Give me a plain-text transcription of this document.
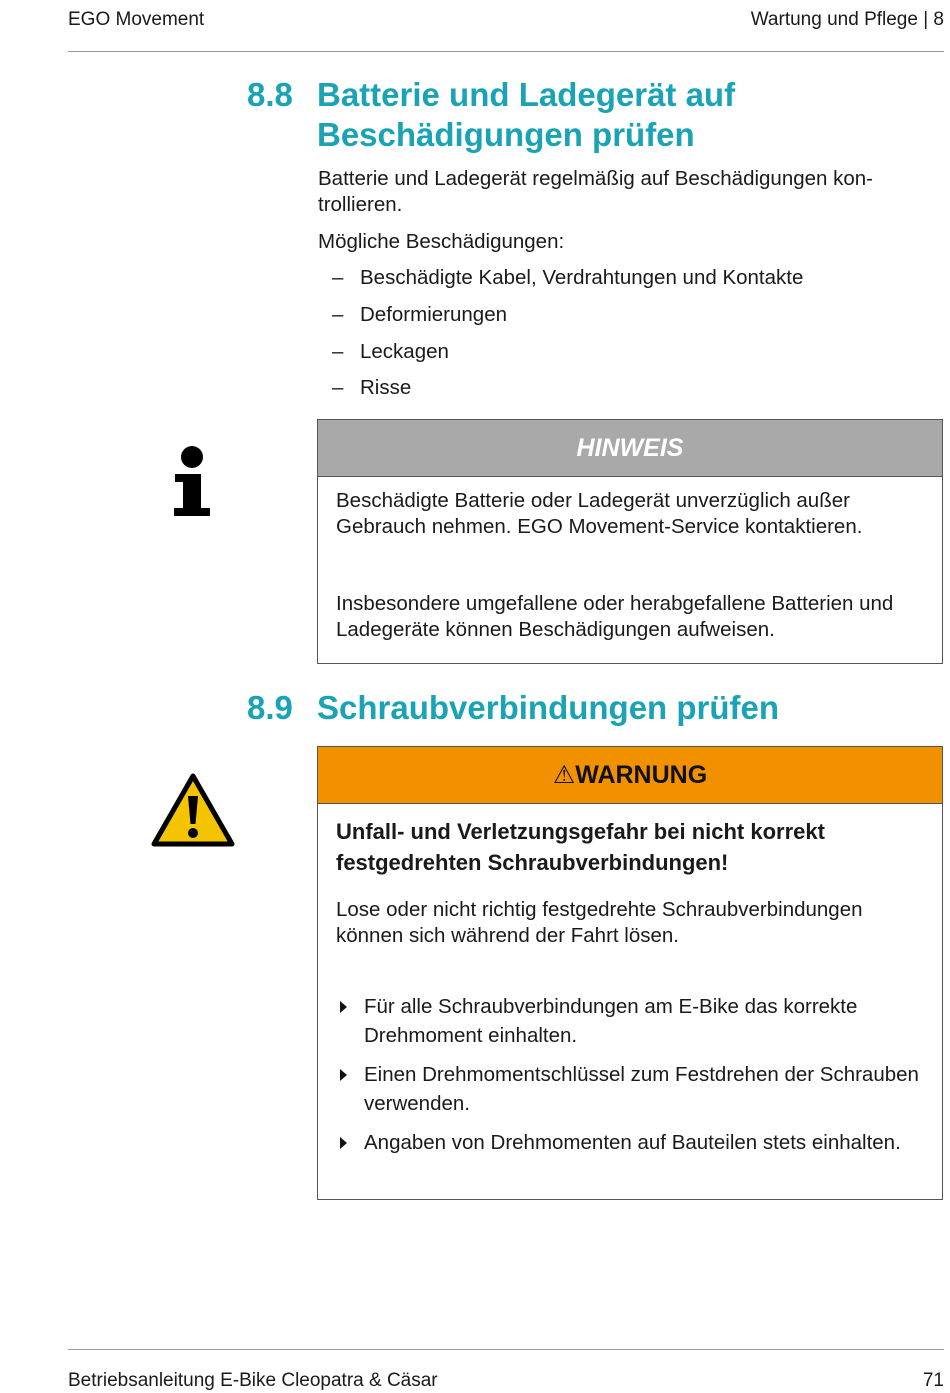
EGO Movement	Wartung und Pflege | 8
8.8 Batterie und Ladegerät auf Beschädigungen prüfen
Batterie und Ladegerät regelmäßig auf Beschädigungen kon-trollieren.
Mögliche Beschädigungen:
– Beschädigte Kabel, Verdrahtungen und Kontakte
– Deformierungen
– Leckagen
– Risse
HINWEIS
Beschädigte Batterie oder Ladegerät unverzüglich außer Gebrauch nehmen. EGO Movement-Service kontaktieren.
Insbesondere umgefallene oder herabgefallene Batterien und Ladegeräte können Beschädigungen aufweisen.
8.9 Schraubverbindungen prüfen
⚠WARNUNG
Unfall- und Verletzungsgefahr bei nicht korrekt festgedrehten Schraubverbindungen!
Lose oder nicht richtig festgedrehte Schraubverbindungen können sich während der Fahrt lösen.
Für alle Schraubverbindungen am E-Bike das korrekte Drehmoment einhalten.
Einen Drehmomentschlüssel zum Festdrehen der Schrauben verwenden.
Angaben von Drehmomenten auf Bauteilen stets einhalten.
Betriebsanleitung E-Bike Cleopatra & Cäsar	71
